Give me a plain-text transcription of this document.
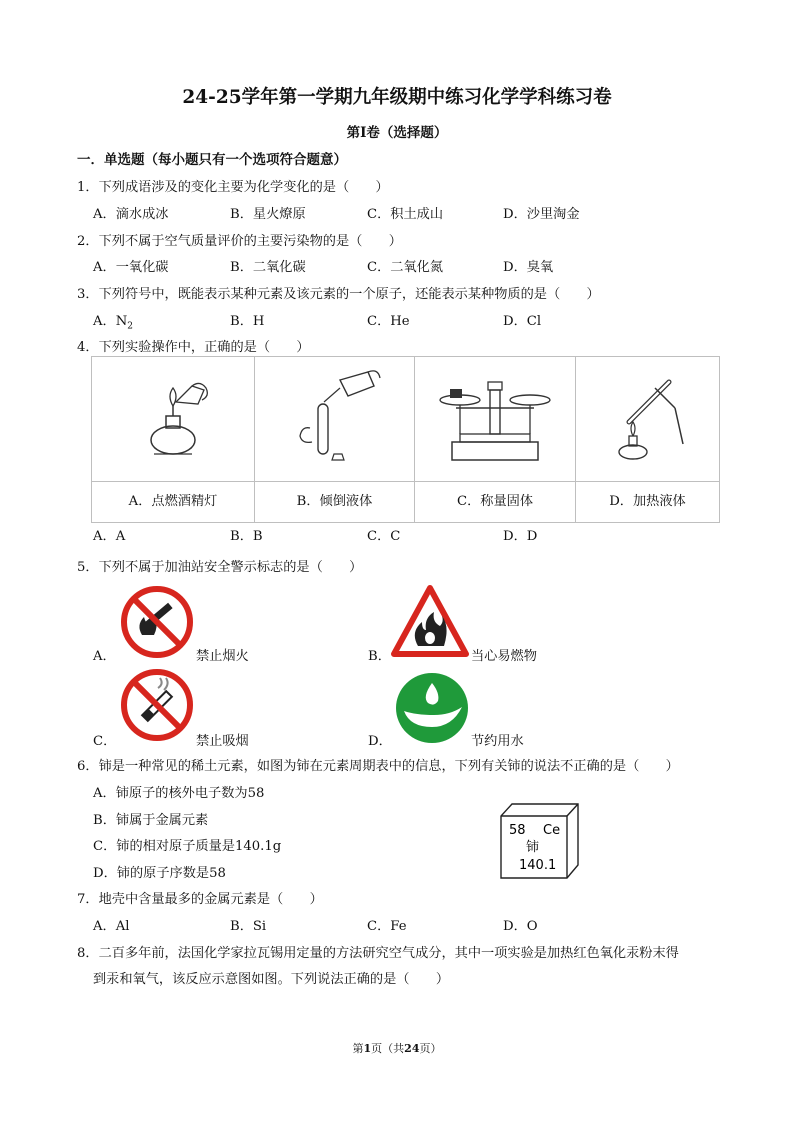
24-25学年第一学期九年级期中练习化学学科练习卷
第Ⅰ卷（选择题）
一．单选题（每小题只有一个选项符合题意）
1．下列成语涉及的变化主要为化学变化的是（　　）
A．滴水成冰	B．星火燎原	C．积土成山	D．沙里淘金
2．下列不属于空气质量评价的主要污染物的是（　　）
A．一氧化碳	B．二氧化碳	C．二氧化氮	D．臭氧
3．下列符号中，既能表示某种元素及该元素的一个原子，还能表示某种物质的是（　　）
A．$N_2$	B．H	C．He	D．Cl
4．下列实验操作中，正确的是（　　）

A．点燃酒精灯	B．倾倒液体	C．称量固体	D．加热液体
A．A	B．B	C．C	D．D
5．下列不属于加油站安全警示标志的是（　　）
A．	禁止烟火	B．	当心易燃物
C．	禁止吸烟	D．	节约用水
6．铈是一种常见的稀土元素，如图为铈在元素周期表中的信息，下列有关铈的说法不正确的是（　　）
A．铈原子的核外电子数为58
B．铈属于金属元素
C．铈的相对原子质量是140.1g
D．铈的原子序数是58
58 Ce
铈
140.1
7．地壳中含量最多的金属元素是（　　）
A．Al	B．Si	C．Fe	D．O
8．二百多年前，法国化学家拉瓦锡用定量的方法研究空气成分，其中一项实验是加热红色氧化汞粉末得
到汞和氧气，该反应示意图如图。下列说法正确的是（　　）
第1页（共24页）
